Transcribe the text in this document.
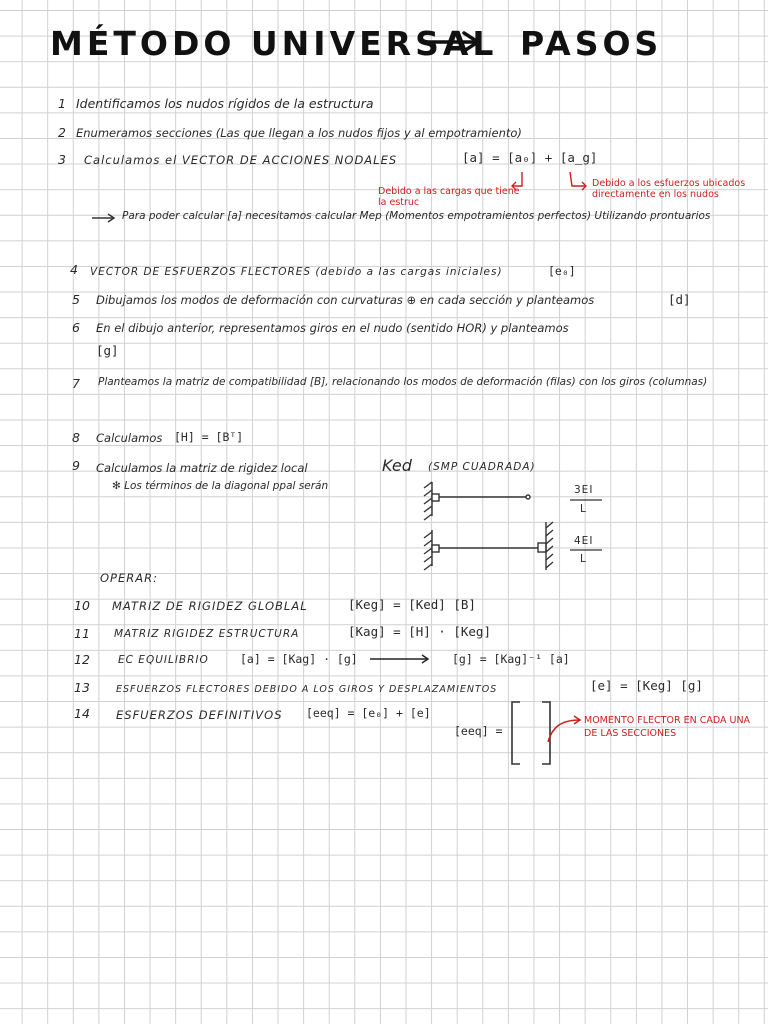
MÉTODO UNIVERSAL PASOS
1 Identificamos los nudos rígidos de la estructura
2 Enumeramos secciones (Las que llegan a los nudos fijos y al empotramiento)
3 Calculamos el VECTOR DE ACCIONES NODALES	[a] = [a₀] + [a_g]
Debido a las cargas que tiene la estruc
Debido a los esfuerzos ubicados directamente en los nudos
Para poder calcular [a] necesitamos calcular Mep (Momentos empotramientos perfectos) Utilizando prontuarios
4 VECTOR DE ESFUERZOS FLECTORES (debido a las cargas iniciales)	[e₀]
5 Dibujamos los modos de deformación con curvaturas ⊕ en cada sección y planteamos	[d]
6 En el dibujo anterior, representamos giros en el nudo (sentido HOR) y planteamos
[g]
7 Planteamos la matriz de compatibilidad [B], relacionando los modos de deformación (filas) con los giros (columnas)
8 Calculamos [H] = [Bᵀ]
9 Calculamos la matriz de rigidez local	Ked (SMP CUADRADA)
✻ Los términos de la diagonal ppal serán	3EI
L
4EI
L
OPERAR:
10 MATRIZ DE RIGIDEZ GLOBLAL	[Keg] = [Ked] [B]
11 MATRIZ RIGIDEZ ESTRUCTURA	[Kag] = [H] · [Keg]
12	EC EQUILIBRIO	[a] = [Kag] · [g]	[g] = [Kag]⁻¹ [a]
13	ESFUERZOS FLECTORES DEBIDO A LOS GIROS Y DESPLAZAMIENTOS	[e] = [Keg] [g]
14 ESFUERZOS DEFINITIVOS [eeq] = [e₀] + [e]
[eeq] =
MOMENTO FLECTOR EN CADA UNA DE LAS SECCIONES
